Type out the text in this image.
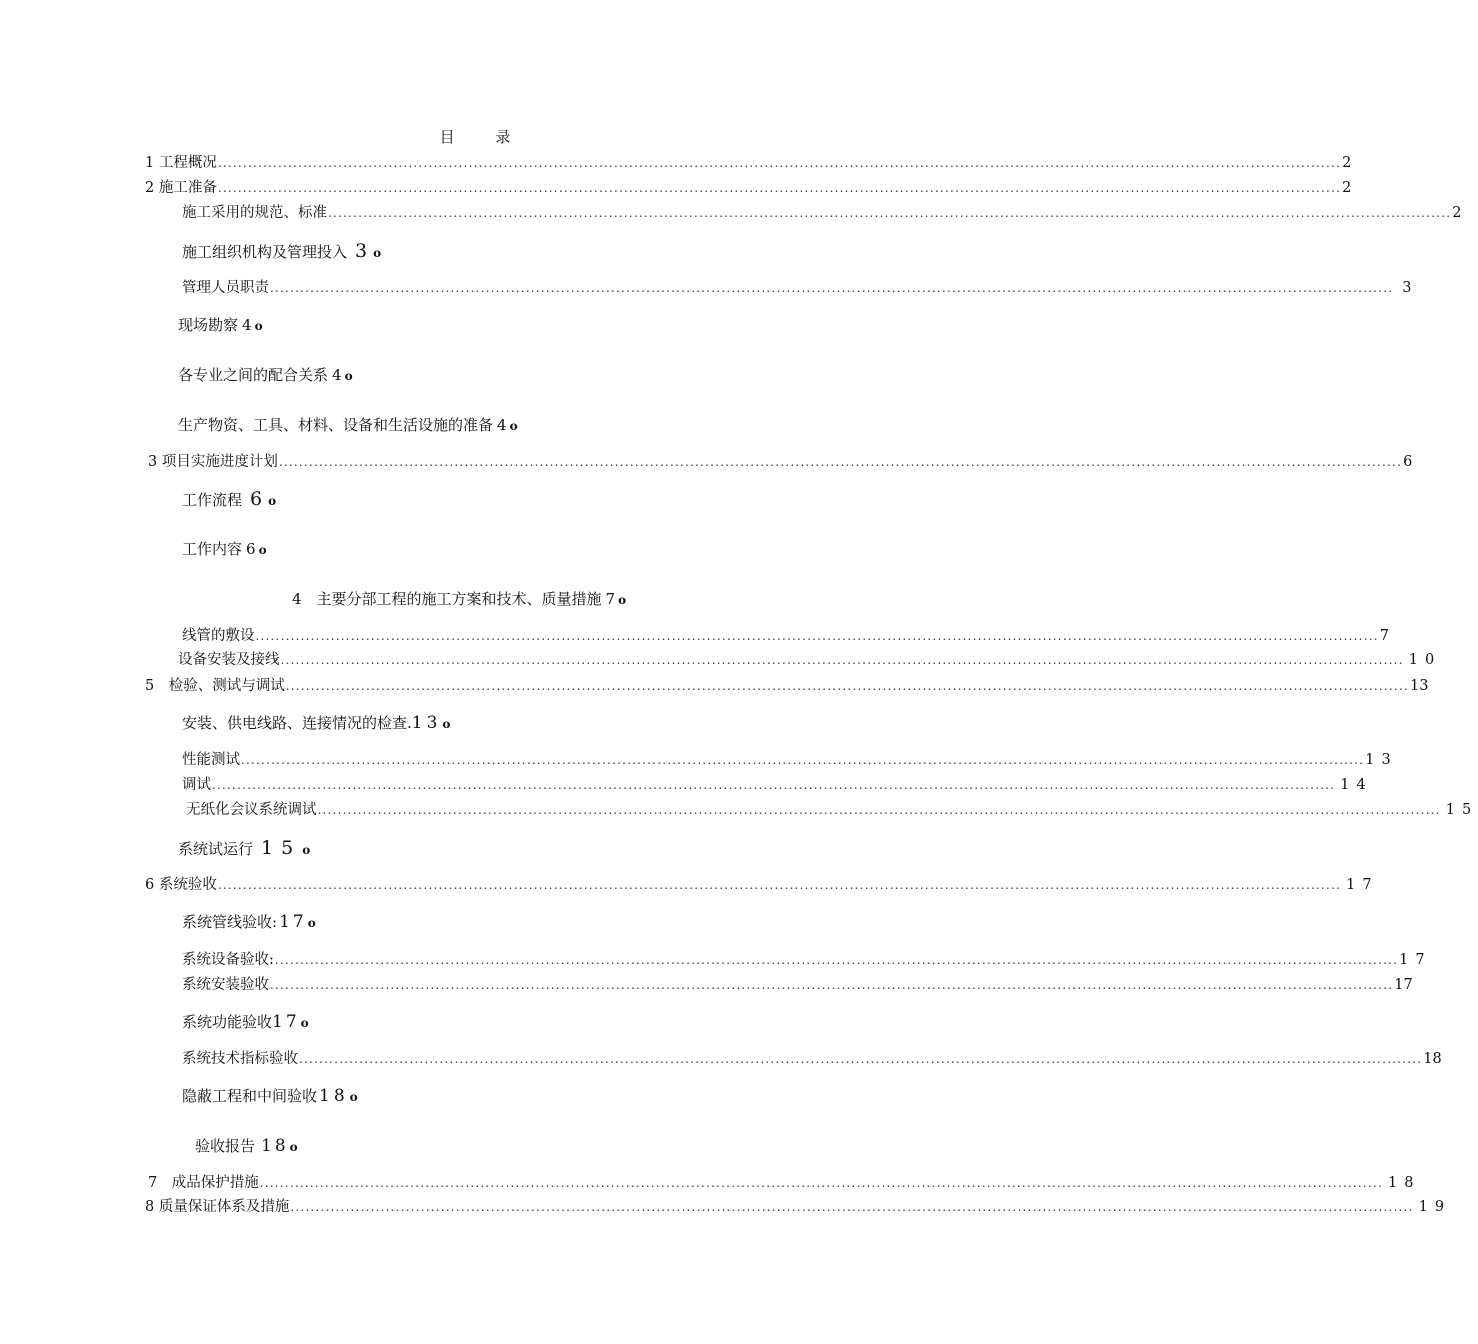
目 录
1 工程概况 ................................................................................................................................................................................................................................ 2
2 施工准备 ................................................................................................................................................................................................................................ 2
施工采用的规范、标准 ................................................................................................................................................................................................................................ 2
施工组织机构及管理投入 3o
管理人员职责 ................................................................................................................................................................................................................................ 3
现场勘察 4o
各专业之间的配合关系 4o
生产物资、工具、材料、设备和生活设施的准备 4o
3 项目实施进度计划 ................................................................................................................................................................................................................................ 6
工作流程 6o
工作内容 6o
4　主要分部工程的施工方案和技术、质量措施 7o
线管的敷设 ................................................................................................................................................................................................................................ 7
设备安装及接线 ................................................................................................................................................................................................................................ 10
5　检验、测试与调试 ................................................................................................................................................................................................................................ 13
安装、供电线路、连接情况的检查.13o
性能测试 ................................................................................................................................................................................................................................ 13
调试 ................................................................................................................................................................................................................................ 14
无纸化会议系统调试 ................................................................................................................................................................................................................................ 15
系统试运行 15o
6 系统验收 ................................................................................................................................................................................................................................ 17
系统管线验收: 17o
系统设备验收: ................................................................................................................................................................................................................................ 17
系统安装验收 ................................................................................................................................................................................................................................ 17
系统功能验收17o
系统技术指标验收 ................................................................................................................................................................................................................................ 18
隐蔽工程和中间验收 18o
验收报告 18o
7　成品保护措施 ................................................................................................................................................................................................................................ 18
8 质量保证体系及措施 ................................................................................................................................................................................................................................ 19
